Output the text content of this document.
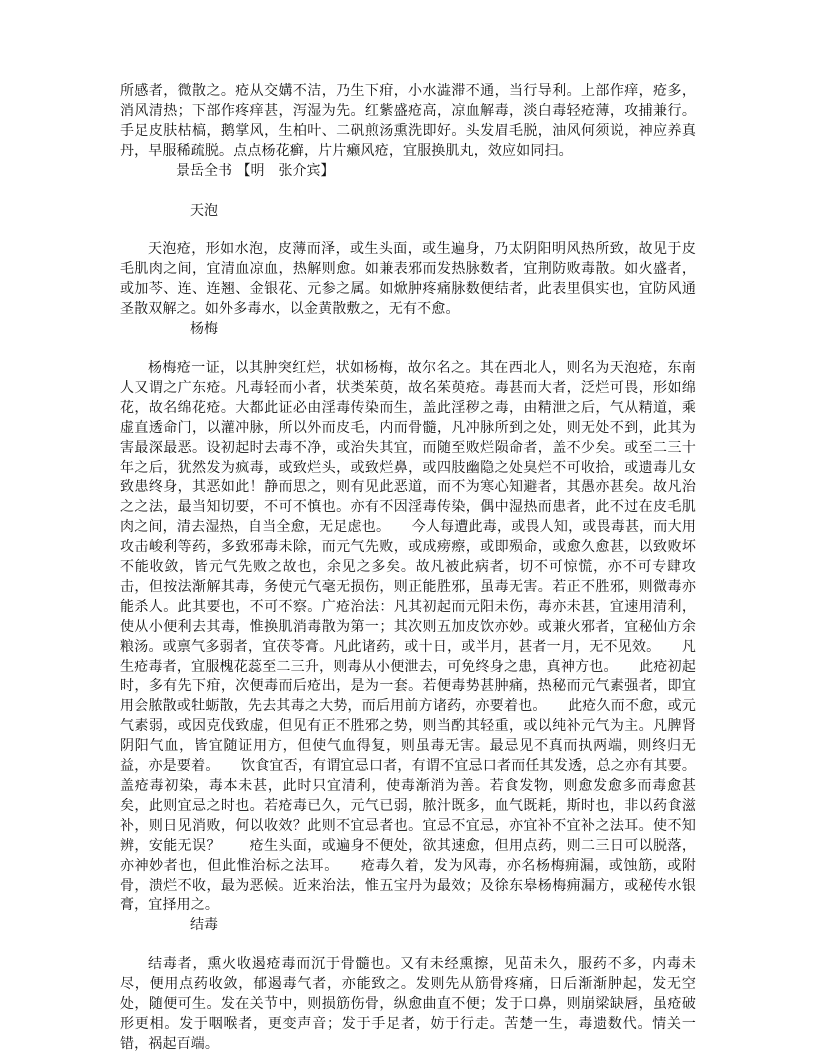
所感者，微散之。疮从交媾不洁，乃生下疳，小水澁滞不通，当行导利。上部作痒，疮多，消风清热；下部作疼痒甚，泻湿为先。红紫盛疮高，凉血解毒，淡白毒轻疮薄，攻捕兼行。手足皮肤枯槁，鹅掌风，生柏叶、二矾煎汤熏洗即好。头发眉毛脱，油风何须说，神应养真丹，早服稀疏脱。点点杨花癣，片片癞风疮，宜服换肌丸，效应如同扫。

景岳全书 【明　张介宾】

天泡

天泡疮，形如水泡，皮薄而泽，或生头面，或生遍身，乃太阴阳明风热所致，故见于皮毛肌肉之间，宜清血凉血，热解则愈。如兼表邪而发热脉数者，宜荆防败毒散。如火盛者，或加芩、连、连翘、金银花、元参之属。如焮肿疼痛脉数便结者，此表里俱实也，宜防风通圣散双解之。如外多毒水，以金黄散敷之，无有不愈。

杨梅

杨梅疮一证，以其肿突红烂，状如杨梅，故尔名之。其在西北人，则名为天泡疮，东南人又谓之广东疮。凡毒轻而小者，状类茱萸，故名茱萸疮。毒甚而大者，泛烂可畏，形如绵花，故名绵花疮。大都此证必由淫毒传染而生，盖此淫秽之毒，由精泄之后，气从精道，乘虚直透命门，以灌冲脉，所以外而皮毛，内而骨髓，凡冲脉所到之处，则无处不到，此其为害最深最恶。设初起时去毒不净，或治失其宜，而随至败烂陨命者，盖不少矣。或至二三十年之后，犹然发为疯毒，或致烂头，或致烂鼻，或四肢幽隐之处臭烂不可收拾，或遗毒儿女致患终身，其恶如此！静而思之，则有见此恶道，而不为寒心知避者，其愚亦甚矣。故凡治之之法，最当知切要，不可不慎也。亦有不因淫毒传染，偶中湿热而患者，此不过在皮毛肌肉之间，清去湿热，自当全愈，无足虑也。　　今人每遭此毒，或畏人知，或畏毒甚，而大用攻击峻利等药，多致邪毒未除，而元气先败，或成痨瘵，或即殒命，或愈久愈甚，以致败坏不能收敛，皆元气先败之故也，余见之多矣。故凡被此病者，切不可惊慌，亦不可专肆攻击，但按法渐解其毒，务使元气毫无损伤，则正能胜邪，虽毒无害。若正不胜邪，则微毒亦能杀人。此其要也，不可不察。广疮治法：凡其初起而元阳未伤，毒亦未甚，宜速用清利，使从小便利去其毒，惟换肌消毒散为第一；其次则五加皮饮亦妙。或兼火邪者，宜秘仙方余粮汤。或禀气多弱者，宜茯苓膏。凡此诸药，或十日，或半月，甚者一月，无不见效。　　凡生疮毒者，宜服槐花蕊至二三升，则毒从小便泄去，可免终身之患，真神方也。　　此疮初起时，多有先下疳，次便毒而后疮出，是为一套。若便毒势甚肿痛，热秘而元气素强者，即宜用会脓散或牡蛎散，先去其毒之大势，而后用前方诸药，亦要着也。　　此疮久而不愈，或元气素弱，或因克伐致虚，但见有正不胜邪之势，则当酌其轻重，或以纯补元气为主。凡脾肾阴阳气血，皆宜随证用方，但使气血得复，则虽毒无害。最忌见不真而执两端，则终归无益，亦是要着。　　饮食宜否，有谓宜忌口者，有谓不宜忌口者而任其发透，总之亦有其要。盖疮毒初染，毒本未甚，此时只宜清利，使毒渐消为善。若食发物，则愈发愈多而毒愈甚矣，此则宜忌之时也。若疮毒已久，元气已弱，脓汁既多，血气既耗，斯时也，非以药食滋补，则日见消败，何以收效？此则不宜忌者也。宜忌不宜忌，亦宜补不宜补之法耳。使不知辨，安能无误？　　疮生头面，或遍身不便处，欲其速愈，但用点药，则二三日可以脱落，亦神妙者也，但此惟治标之法耳。　　疮毒久着，发为风毒，亦名杨梅痈漏，或蚀筋，或附骨，溃烂不收，最为恶候。近来治法，惟五宝丹为最效；及徐东皋杨梅痈漏方，或秘传水银膏，宜择用之。

结毒

结毒者，熏火收遏疮毒而沉于骨髓也。又有未经熏擦，见苗未久，服药不多，内毒未尽，便用点药收敛，郁遏毒气者，亦能致之。发则先从筋骨疼痛，日后渐渐肿起，发无空处，随便可生。发在关节中，则损筋伤骨，纵愈曲直不便；发于口鼻，则崩梁缺唇，虽疮破形更相。发于咽喉者，更变声音；发于手足者，妨于行走。苦楚一生，毒遗数代。情关一错，祸起百端。
